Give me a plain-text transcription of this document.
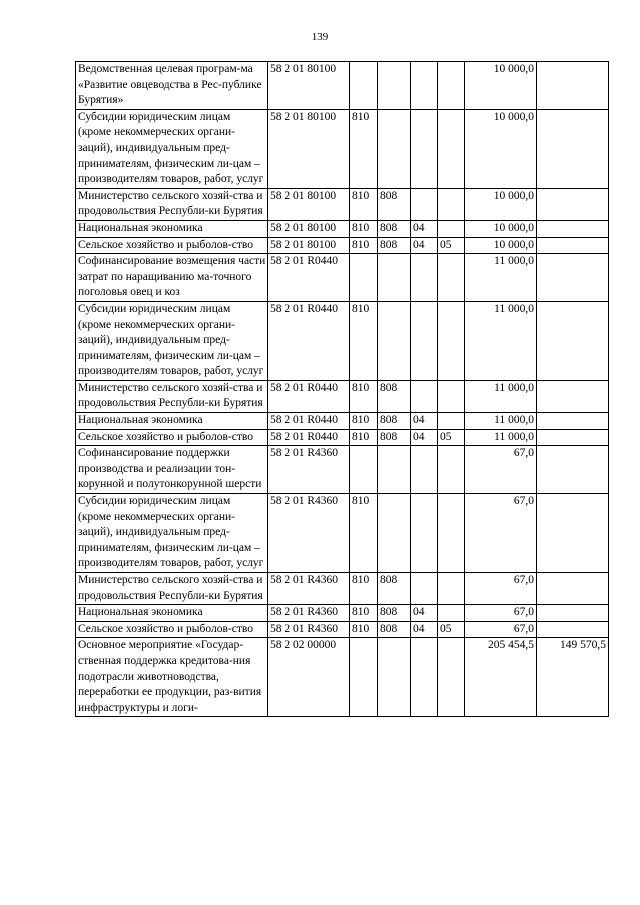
139
Ведомственная целевая програм-ма «Развитие овцеводства в Рес-публике Бурятия»	58 2 01 80100					10 000,0	
Субсидии юридическим лицам (кроме некоммерческих органи-заций), индивидуальным пред-принимателям, физическим ли-цам – производителям товаров, работ, услуг	58 2 01 80100	810				10 000,0	
Министерство сельского хозяй-ства и продовольствия Республи-ки Бурятия	58 2 01 80100	810	808			10 000,0	
Национальная экономика	58 2 01 80100	810	808	04		10 000,0	
Сельское хозяйство и рыболов-ство	58 2 01 80100	810	808	04	05	10 000,0	
Софинансирование возмещения части затрат по наращиванию ма-точного поголовья овец и коз	58 2 01 R0440					11 000,0	
Субсидии юридическим лицам (кроме некоммерческих органи-заций), индивидуальным пред-принимателям, физическим ли-цам – производителям товаров, работ, услуг	58 2 01 R0440	810				11 000,0	
Министерство сельского хозяй-ства и продовольствия Республи-ки Бурятия	58 2 01 R0440	810	808			11 000,0	
Национальная экономика	58 2 01 R0440	810	808	04		11 000,0	
Сельское хозяйство и рыболов-ство	58 2 01 R0440	810	808	04	05	11 000,0	
Софинансирование поддержки производства и реализации тон-корунной и полутонкорунной шерсти	58 2 01 R4360					67,0	
Субсидии юридическим лицам (кроме некоммерческих органи-заций), индивидуальным пред-принимателям, физическим ли-цам – производителям товаров, работ, услуг	58 2 01 R4360	810				67,0	
Министерство сельского хозяй-ства и продовольствия Республи-ки Бурятия	58 2 01 R4360	810	808			67,0	
Национальная экономика	58 2 01 R4360	810	808	04		67,0	
Сельское хозяйство и рыболов-ство	58 2 01 R4360	810	808	04	05	67,0	
Основное мероприятие «Государ-ственная поддержка кредитова-ния подотрасли животноводства, переработки ее продукции, раз-вития инфраструктуры и логи-	58 2 02 00000					205 454,5	149 570,5
